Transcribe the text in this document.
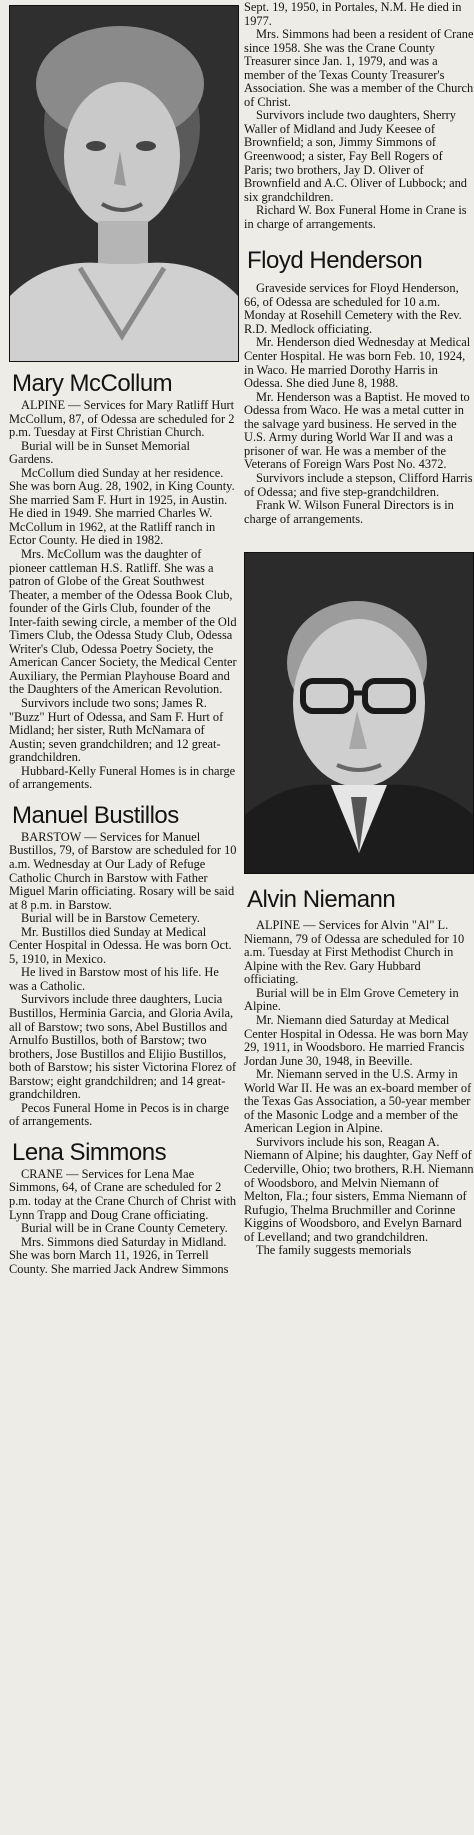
Mary McCollum

ALPINE — Services for Mary Ratliff Hurt McCollum, 87, of Odessa are scheduled for 2 p.m. Tuesday at First Christian Church.

Burial will be in Sunset Memorial Gardens.

McCollum died Sunday at her residence. She was born Aug. 28, 1902, in King County. She married Sam F. Hurt in 1925, in Austin. He died in 1949. She married Charles W. McCollum in 1962, at the Ratliff ranch in Ector County. He died in 1982.

Mrs. McCollum was the daughter of pioneer cattleman H.S. Ratliff. She was a patron of Globe of the Great Southwest Theater, a member of the Odessa Book Club, founder of the Girls Club, founder of the Inter-faith sewing circle, a member of the Old Timers Club, the Odessa Study Club, Odessa Writer's Club, Odessa Poetry Society, the American Cancer Society, the Medical Center Auxiliary, the Permian Playhouse Board and the Daughters of the American Revolution.

Survivors include two sons; James R. "Buzz" Hurt of Odessa, and Sam F. Hurt of Midland; her sister, Ruth McNamara of Austin; seven grandchildren; and 12 great-grandchildren.

Hubbard-Kelly Funeral Homes is in charge of arrangements.

Manuel Bustillos

BARSTOW — Services for Manuel Bustillos, 79, of Barstow are scheduled for 10 a.m. Wednesday at Our Lady of Refuge Catholic Church in Barstow with Father Miguel Marin officiating. Rosary will be said at 8 p.m. in Barstow.

Burial will be in Barstow Cemetery.

Mr. Bustillos died Sunday at Medical Center Hospital in Odessa. He was born Oct. 5, 1910, in Mexico.

He lived in Barstow most of his life. He was a Catholic.

Survivors include three daughters, Lucia Bustillos, Herminia Garcia, and Gloria Avila, all of Barstow; two sons, Abel Bustillos and Arnulfo Bustillos, both of Barstow; two brothers, Jose Bustillos and Elijio Bustillos, both of Barstow; his sister Victorina Florez of Barstow; eight grandchildren; and 14 great-grandchildren.

Pecos Funeral Home in Pecos is in charge of arrangements.

Lena Simmons

CRANE — Services for Lena Mae Simmons, 64, of Crane are scheduled for 2 p.m. today at the Crane Church of Christ with Lynn Trapp and Doug Crane officiating.

Burial will be in Crane County Cemetery.

Mrs. Simmons died Saturday in Midland. She was born March 11, 1926, in Terrell County. She married Jack Andrew Simmons

Sept. 19, 1950, in Portales, N.M. He died in 1977.

Mrs. Simmons had been a resident of Crane since 1958. She was the Crane County Treasurer since Jan. 1, 1979, and was a member of the Texas County Treasurer's Association. She was a member of the Church of Christ.

Survivors include two daughters, Sherry Waller of Midland and Judy Keesee of Brownfield; a son, Jimmy Simmons of Greenwood; a sister, Fay Bell Rogers of Paris; two brothers, Jay D. Oliver of Brownfield and A.C. Oliver of Lubbock; and six grandchildren.

Richard W. Box Funeral Home in Crane is in charge of arrangements.

Floyd Henderson

Graveside services for Floyd Henderson, 66, of Odessa are scheduled for 10 a.m. Monday at Rosehill Cemetery with the Rev. R.D. Medlock officiating.

Mr. Henderson died Wednesday at Medical Center Hospital. He was born Feb. 10, 1924, in Waco. He married Dorothy Harris in Odessa. She died June 8, 1988.

Mr. Henderson was a Baptist. He moved to Odessa from Waco. He was a metal cutter in the salvage yard business. He served in the U.S. Army during World War II and was a prisoner of war. He was a member of the Veterans of Foreign Wars Post No. 4372.

Survivors include a stepson, Clifford Harris of Odessa; and five step-grandchildren.

Frank W. Wilson Funeral Directors is in charge of arrangements.

Alvin Niemann

ALPINE — Services for Alvin "Al" L. Niemann, 79 of Odessa are scheduled for 10 a.m. Tuesday at First Methodist Church in Alpine with the Rev. Gary Hubbard officiating.

Burial will be in Elm Grove Cemetery in Alpine.

Mr. Niemann died Saturday at Medical Center Hospital in Odessa. He was born May 29, 1911, in Woodsboro. He married Francis Jordan June 30, 1948, in Beeville.

Mr. Niemann served in the U.S. Army in World War II. He was an ex-board member of the Texas Gas Association, a 50-year member of the Masonic Lodge and a member of the American Legion in Alpine.

Survivors include his son, Reagan A. Niemann of Alpine; his daughter, Gay Neff of Cederville, Ohio; two brothers, R.H. Niemann of Woodsboro, and Melvin Niemann of Melton, Fla.; four sisters, Emma Niemann of Rufugio, Thelma Bruchmiller and Corinne Kiggins of Woodsboro, and Evelyn Barnard of Levelland; and two grandchildren.

The family suggests memorials
